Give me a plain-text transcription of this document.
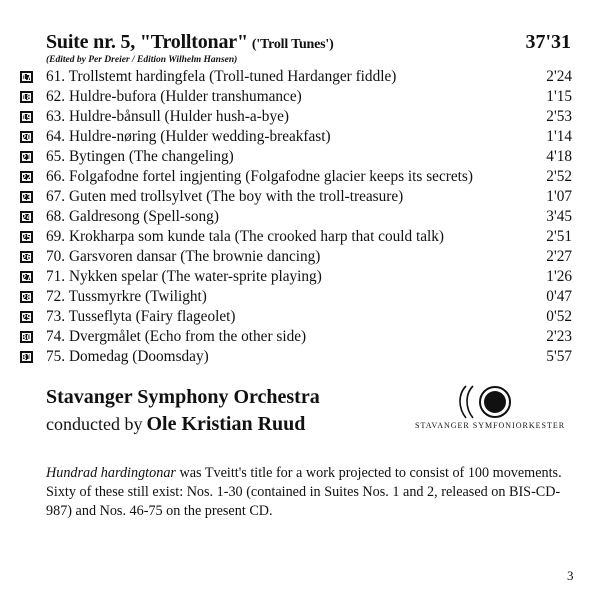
Suite nr. 5, "Trolltonar" ('Troll Tunes')	37'31
(Edited by Per Dreier / Edition Wilhelm Hansen)
17 61. Trollstemt hardingfela (Troll-tuned Hardanger fiddle)	2'24
18 62. Huldre-bufora (Hulder transhumance)	1'15
19 63. Huldre-bånsull (Hulder hush-a-bye)	2'53
20 64. Huldre-nøring (Hulder wedding-breakfast)	1'14
21 65. Bytingen (The changeling)	4'18
22 66. Folgafodne fortel ingjenting (Folgafodne glacier keeps its secrets)	2'52
23 67. Guten med trollsylvet (The boy with the troll-treasure)	1'07
24 68. Galdresong (Spell-song)	3'45
25 69. Krokharpa som kunde tala (The crooked harp that could talk)	2'51
26 70. Garsvoren dansar (The brownie dancing)	2'27
27 71. Nykken spelar (The water-sprite playing)	1'26
28 72. Tussmyrkre (Twilight)	0'47
29 73. Tusseflyta (Fairy flageolet)	0'52
30 74. Dvergmålet (Echo from the other side)	2'23
31 75. Domedag (Doomsday)	5'57
Stavanger Symphony Orchestra
conducted by Ole Kristian Ruud	STAVANGER SYMFONIORKESTER
Hundrad hardingtonar was Tveitt's title for a work projected to consist of 100 movements. Sixty of these still exist: Nos. 1-30 (contained in Suites Nos. 1 and 2, released on BIS-CD-987) and Nos. 46-75 on the present CD.
3
